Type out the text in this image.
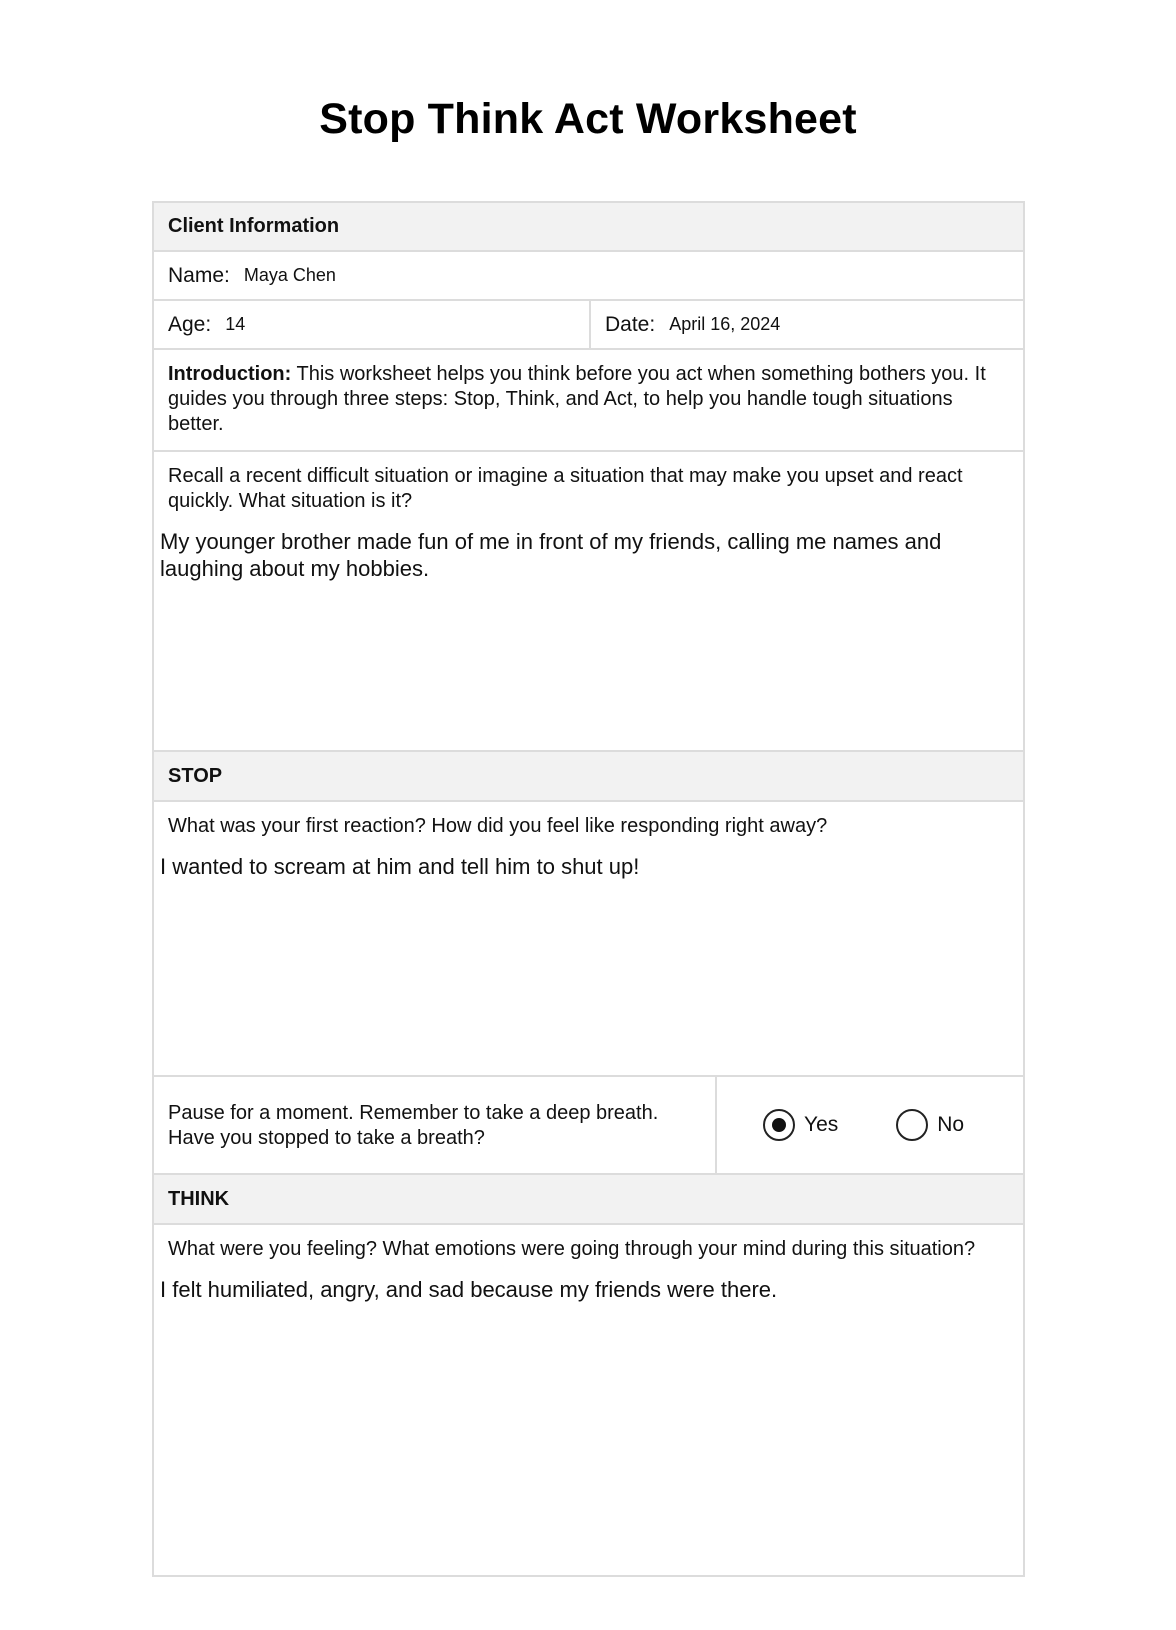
Stop Think Act Worksheet
Client Information
Name: Maya Chen
Age: 14	Date: April 16, 2024
Introduction: This worksheet helps you think before you act when something bothers you. It guides you through three steps: Stop, Think, and Act, to help you handle tough situations better.
Recall a recent difficult situation or imagine a situation that may make you upset and react quickly. What situation is it?
My younger brother made fun of me in front of my friends, calling me names and laughing about my hobbies.
STOP
What was your first reaction? How did you feel like responding right away?
I wanted to scream at him and tell him to shut up!
Pause for a moment. Remember to take a deep breath. Have you stopped to take a breath?
Yes	No
THINK
What were you feeling? What emotions were going through your mind during this situation?
I felt humiliated, angry, and sad because my friends were there.
